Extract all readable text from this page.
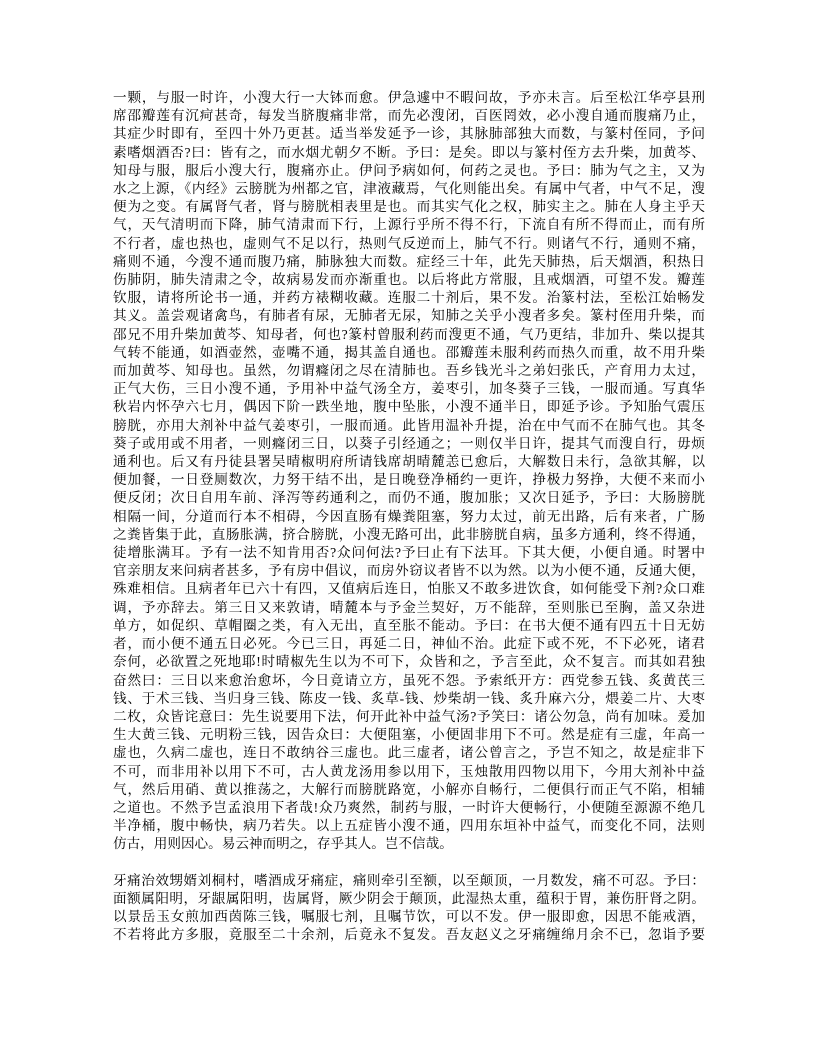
一颗，与服一时许，小溲大行一大钵而愈。伊急遽中不暇问故，予亦未言。后至松江华亭县刑
席邵瓣莲有沉疴甚奇，每发当脐腹痛非常，而先必溲闭，百医罔效，必小溲自通而腹痛乃止，
其症少时即有，至四十外乃更甚。适当举发延予一诊，其脉肺部独大而数，与篆村侄同，予问
素嗜烟酒否?曰：皆有之，而水烟尤朝夕不断。予曰：是矣。即以与篆村侄方去升柴，加黄芩、
知母与服，服后小溲大行，腹痛亦止。伊问予病如何，何药之灵也。予曰：肺为气之主，又为
水之上源，《内经》云膀胱为州都之官，津液藏焉，气化则能出矣。有属中气者，中气不足，溲
便为之变。有属肾气者，肾与膀胱相表里是也。而其实气化之权，肺实主之。肺在人身主乎天
气，天气清明而下降，肺气清肃而下行，上源行乎所不得不行，下流自有所不得而止，而有所
不行者，虚也热也，虚则气不足以行，热则气反逆而上，肺气不行。则诸气不行，通则不痛，
痛则不通，今溲不通而腹乃痛，肺脉独大而数。症经三十年，此先天肺热，后天烟酒，积热日
伤肺阴，肺失清肃之令，故病易发而亦渐重也。以后将此方常服，且戒烟酒，可望不发。瓣莲
钦服，请将所论书一通，并药方裱糊收藏。连服二十剂后，果不发。治篆村法，至松江始畅发
其义。盖尝观诸禽鸟，有肺者有尿，无肺者无尿，知肺之关乎小溲者多矣。篆村侄用升柴，而
邵兄不用升柴加黄芩、知母者，何也?篆村曾服利药而溲更不通，气乃更结，非加升、柴以提其
气转不能通，如酒壶然，壶嘴不通，揭其盖自通也。邵瓣莲未服利药而热久而重，故不用升柴
而加黄芩、知母也。虽然，勿谓癃闭之尽在清肺也。吾乡钱光斗之弟妇张氏，产育用力太过，
正气大伤，三日小溲不通，予用补中益气汤全方，姜枣引，加冬葵子三钱，一服而通。写真华
秋岩内怀孕六七月，偶因下阶一跌坐地，腹中坠胀，小溲不通半日，即延予诊。予知胎气震压
膀胱，亦用大剂补中益气姜枣引，一服而通。此皆用温补升提，治在中气而不在肺气也。其冬
葵子或用或不用者，一则癃闭三日，以葵子引经通之；一则仅半日许，提其气而溲自行，毋烦
通利也。后又有丹徒县署吴晴椒明府所请钱席胡晴麓恙已愈后，大解数日未行，急欲其解，以
便加餐，一日登厕数次，力努干结不出，是日晚登净桶约一更许，挣极力努挣，大便不来而小
便反闭；次日自用车前、泽泻等药通利之，而仍不通，腹加胀；又次日延予，予曰：大肠膀胱
相隔一间，分道而行本不相碍，今因直肠有燥粪阻塞，努力太过，前无出路，后有来者，广肠
之粪皆集于此，直肠胀满，挤合膀胱，小溲无路可出，此非膀胱自病，虽多方通利，终不得通，
徒增胀满耳。予有一法不知肯用否?众问何法?予曰止有下法耳。下其大便，小便自通。时署中
官亲朋友来问病者甚多，予有房中倡议，而房外窃议者皆不以为然。以为小便不通，反通大便，
殊难相信。且病者年已六十有四，又值病后连日，怕胀又不敢多进饮食，如何能受下剂?众口难
调，予亦辞去。第三日又来敦请，晴麓本与予金兰契好，万不能辞，至则胀已至胸，盖又杂进
单方，如促织、草帽圈之类，有入无出，直至胀不能动。予曰：在书大便不通有四五十日无妨
者，而小便不通五日必死。今已三日，再延二日，神仙不治。此症下或不死，不下必死，诸君
奈何，必欲置之死地耶!时晴椒先生以为不可下，众皆和之，予言至此，众不复言。而其如君独
奋然曰：三日以来愈治愈坏，今日竟请立方，虽死不怨。予索纸开方：西党参五钱、炙黄芪三
钱、于术三钱、当归身三钱、陈皮一钱、炙草-钱、炒柴胡一钱、炙升麻六分，煨姜二片、大枣
二枚，众皆诧意曰：先生说要用下法，何开此补中益气汤?予笑曰：诸公勿急，尚有加味。爰加
生大黄三钱、元明粉三钱，因告众曰：大便阻塞，小便固非用下不可。然是症有三虚，年高一
虚也，久病二虚也，连日不敢纳谷三虚也。此三虚者，诸公曾言之，予岂不知之，故是症非下
不可，而非用补以用下不可，古人黄龙汤用参以用下，玉烛散用四物以用下，今用大剂补中益
气，然后用硝、黄以推荡之，大解行而膀胱路宽，小解亦自畅行，二便俱行而正气不陷，相辅
之道也。不然予岂孟浪用下者哉!众乃爽然，制药与服，一时许大便畅行，小便随至源源不绝几
半净桶，腹中畅快，病乃若失。以上五症皆小溲不通，四用东垣补中益气，而变化不同，法则
仿古，用则因心。易云神而明之，存乎其人。岂不信哉。
牙痛治效甥婿刘桐村，嗜酒成牙痛症，痛则牵引至额，以至颠顶，一月数发，痛不可忍。予曰：
面额属阳明，牙龈属阳明，齿属肾，厥少阴会于颠顶，此湿热太重，蕴积于胃，兼伤肝肾之阴。
以景岳玉女煎加西茵陈三钱，嘱服七剂，且嘱节饮，可以不发。伊一服即愈，因思不能戒酒，
不若将此方多服，竟服至二十余剂，后竟永不复发。吾友赵义之牙痛缠绵月余不已，忽诣予要
